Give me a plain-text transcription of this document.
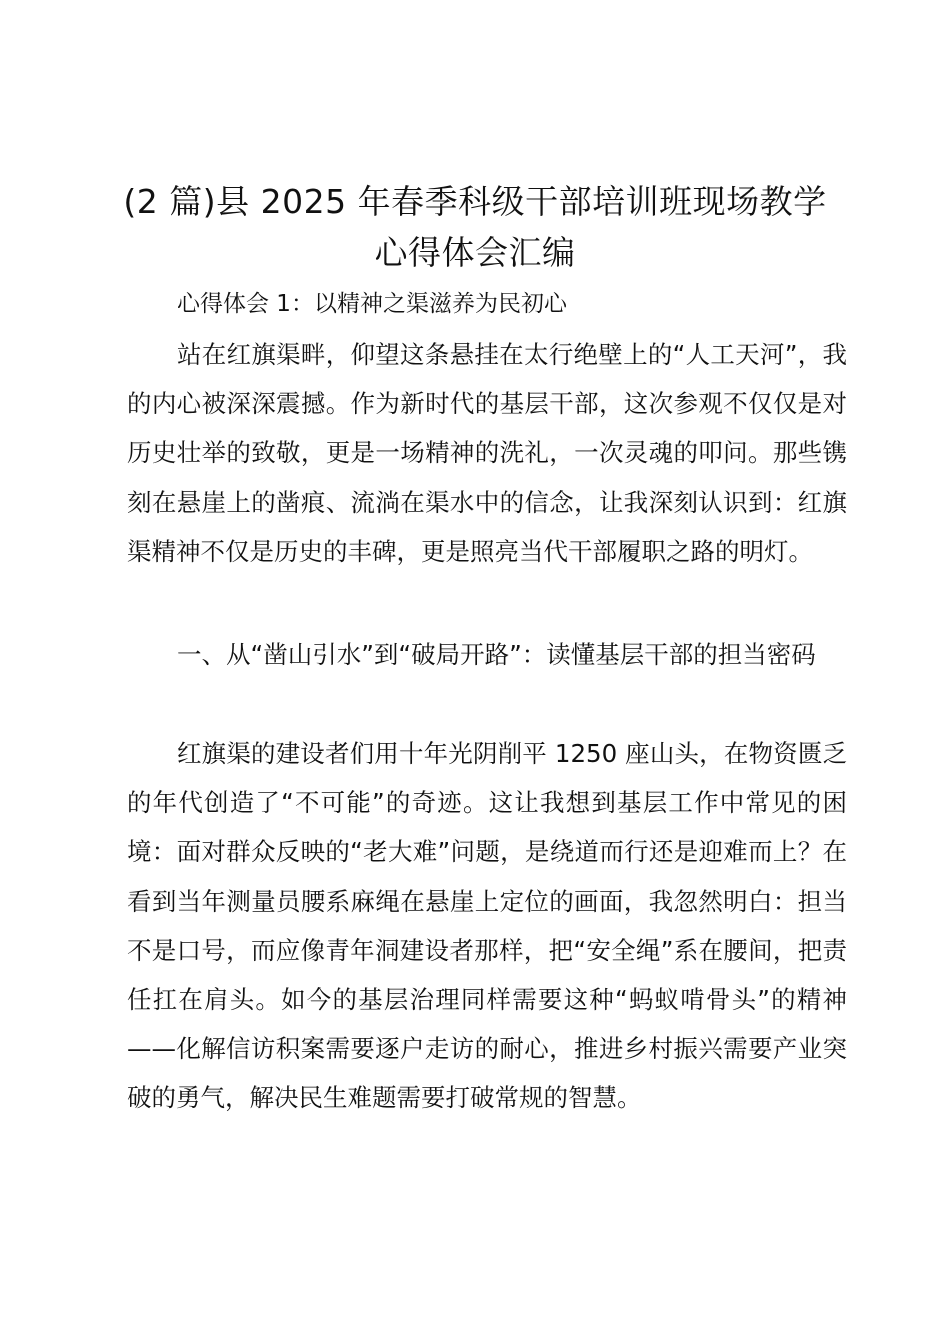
(2 篇)县 2025 年春季科级干部培训班现场教学心得体会汇编
心得体会 1：以精神之渠滋养为民初心

站在红旗渠畔，仰望这条悬挂在太行绝壁上的“人工天河”，我的内心被深深震撼。作为新时代的基层干部，这次参观不仅仅是对历史壮举的致敬，更是一场精神的洗礼，一次灵魂的叩问。那些镌刻在悬崖上的凿痕、流淌在渠水中的信念，让我深刻认识到：红旗渠精神不仅是历史的丰碑，更是照亮当代干部履职之路的明灯。

一、从“凿山引水”到“破局开路”：读懂基层干部的担当密码

红旗渠的建设者们用十年光阴削平 1250 座山头，在物资匮乏的年代创造了“不可能”的奇迹。这让我想到基层工作中常见的困境：面对群众反映的“老大难”问题，是绕道而行还是迎难而上？在看到当年测量员腰系麻绳在悬崖上定位的画面，我忽然明白：担当不是口号，而应像青年洞建设者那样，把“安全绳”系在腰间，把责任扛在肩头。如今的基层治理同样需要这种“蚂蚁啃骨头”的精神——化解信访积案需要逐户走访的耐心，推进乡村振兴需要产业突破的勇气，解决民生难题需要打破常规的智慧。
